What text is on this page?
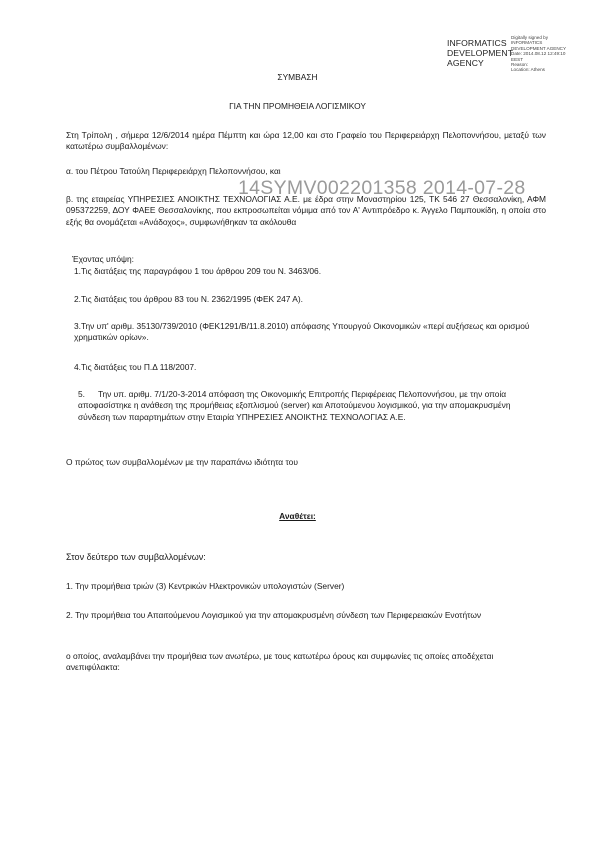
INFORMATICS DEVELOPMENT AGENCY
Digitally signed by
INFORMATICS
DEVELOPMENT AGENCY
Date: 2014.08.12 12:49:10
EEST
Reason:
Location: Athens
ΣΥΜΒΑΣΗ
ΓΙΑ ΤΗΝ ΠΡΟΜΗΘΕΙΑ ΛΟΓΙΣΜΙΚΟΥ
Στη Τρίπολη , σήμερα 12/6/2014 ημέρα Πέμπτη και ώρα 12,00 και στο Γραφείο του Περιφερειάρχη Πελοποννήσου, μεταξύ των κατωτέρω συμβαλλομένων:
α. του Πέτρου Τατούλη Περιφερειάρχη Πελοποννήσου, και
14SYMV002201358 2014-07-28
β. της εταιρείας ΥΠΗΡΕΣΙΕΣ ΑΝΟΙΚΤΗΣ ΤΕΧΝΟΛΟΓΙΑΣ Α.Ε. με έδρα στην Μοναστηρίου 125, ΤΚ 546 27 Θεσσαλονίκη, ΑΦΜ 095372259, ΔΟΥ ΦΑΕΕ Θεσσαλονίκης, που εκπροσωπείται νόμιμα από τον Α' Αντιπρόεδρο κ. Άγγελο Παμπουκίδη, η οποία στο εξής θα ονομάζεται «Ανάδοχος», συμφωνήθηκαν τα ακόλουθα
Έχοντας υπόψη:
1.Τις διατάξεις της παραγράφου 1 του άρθρου 209 του Ν. 3463/06.
2.Τις διατάξεις του άρθρου 83 του Ν. 2362/1995 (ΦΕΚ 247 Α).
3.Την υπ' αριθμ. 35130/739/2010 (ΦΕΚ1291/Β/11.8.2010) απόφασης Υπουργού Οικονομικών «περί αυξήσεως και ορισμού χρηματικών ορίων».
4.Τις διατάξεις του Π.Δ 118/2007.
5.	Την υπ. αριθμ. 7/1/20-3-2014 απόφαση της Οικονομικής Επιτροπής Περιφέρειας Πελοποννήσου, με την οποία αποφασίστηκε η ανάθεση της προμήθειας εξοπλισμού (server) και Αποτούμενου λογισμικού, για την απομακρυσμένη σύνδεση των παραρτημάτων στην Εταιρία ΥΠΗΡΕΣΙΕΣ ΑΝΟΙΚΤΗΣ ΤΕΧΝΟΛΟΓΙΑΣ Α.Ε.
Ο πρώτος των συμβαλλομένων με την παραπάνω ιδιότητα του
Αναθέτει:
Στον δεύτερο των συμβαλλομένων:
1. Την προμήθεια τριών (3) Κεντρικών Ηλεκτρονικών υπολογιστών (Server)
2. Την προμήθεια του Απαιτούμενου Λογισμικού για την απομακρυσμένη σύνδεση των Περιφερειακών Ενοτήτων
ο οποίος, αναλαμβάνει την προμήθεια των ανωτέρω, με τους κατωτέρω όρους και συμφωνίες τις οποίες αποδέχεται ανεπιφύλακτα:
